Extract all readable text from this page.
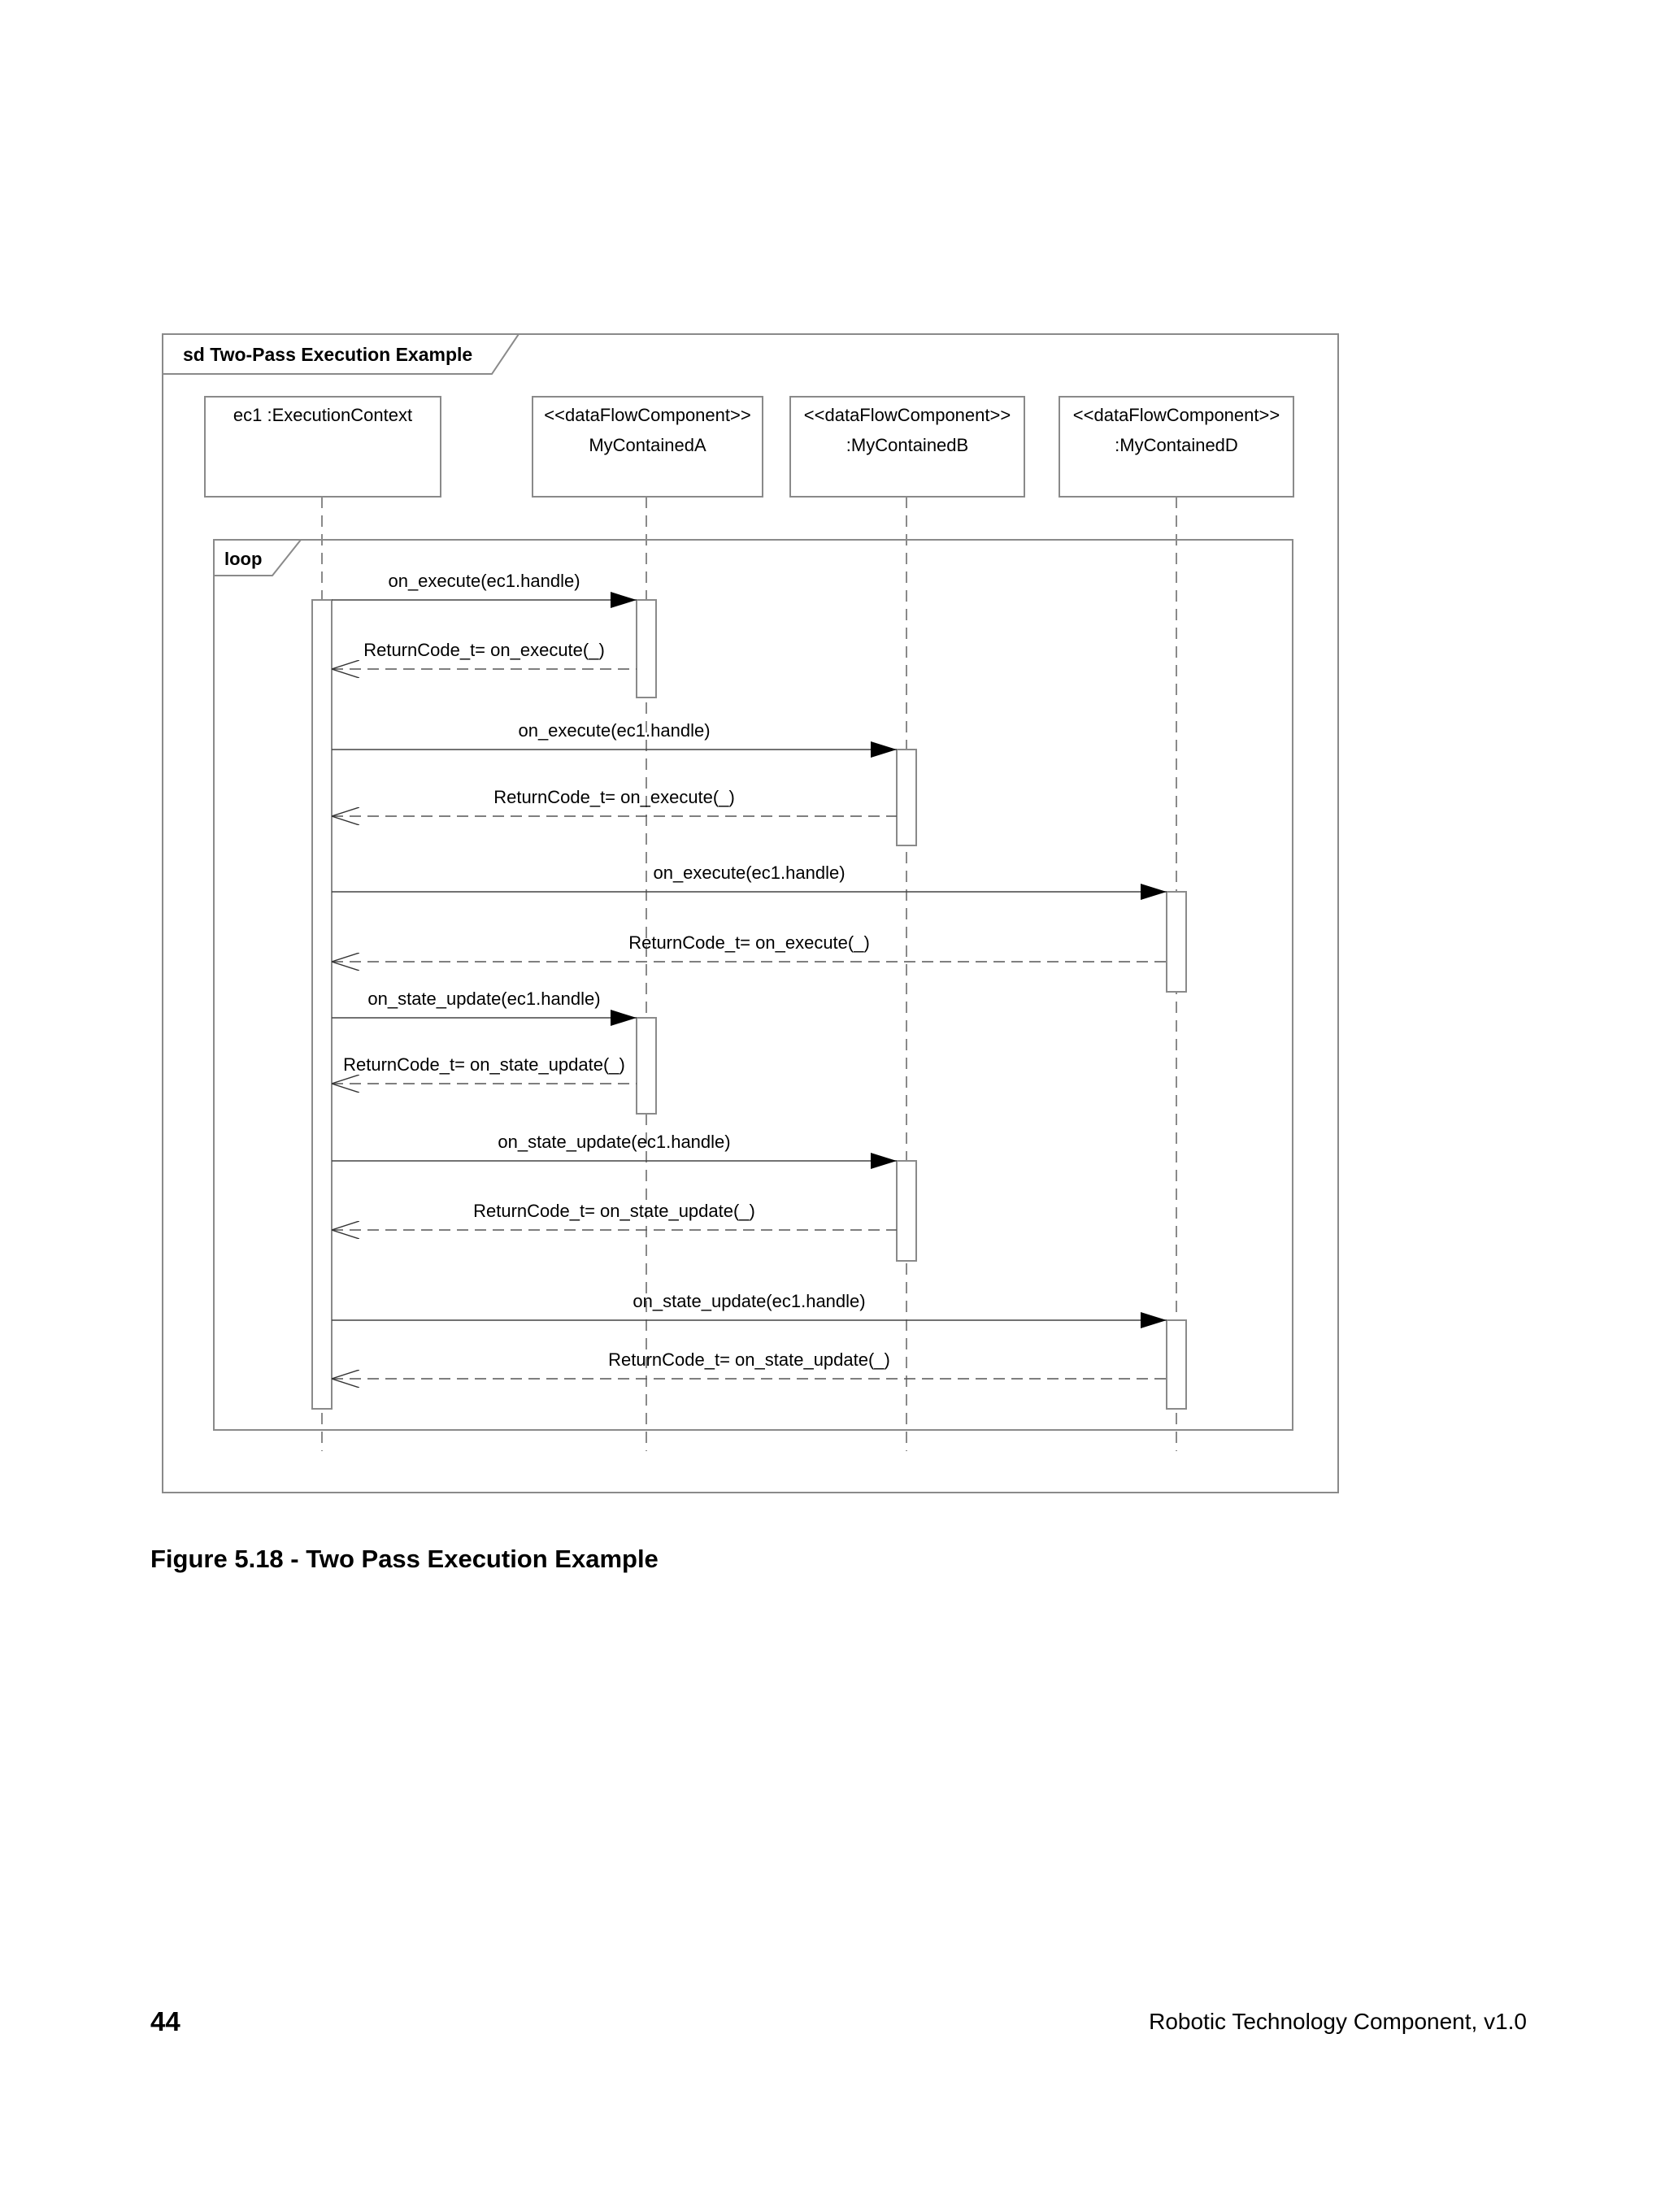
sd Two-Pass Execution Example
ec1 :ExecutionContext	<<dataFlowComponent>>
MyContainedA
<<dataFlowComponent>>
:MyContainedB
<<dataFlowComponent>>
:MyContainedD
loop
on_execute(ec1.handle)
ReturnCode_t= on_execute(_)
on_execute(ec1.handle)
ReturnCode_t= on_execute(_)
on_execute(ec1.handle)
ReturnCode_t= on_execute(_)
on_state_update(ec1.handle)
ReturnCode_t= on_state_update(_)
on_state_update(ec1.handle)
ReturnCode_t= on_state_update(_)
on_state_update(ec1.handle)
ReturnCode_t= on_state_update(_)

Figure 5.18 - Two Pass Execution Example

44	Robotic Technology Component, v1.0
